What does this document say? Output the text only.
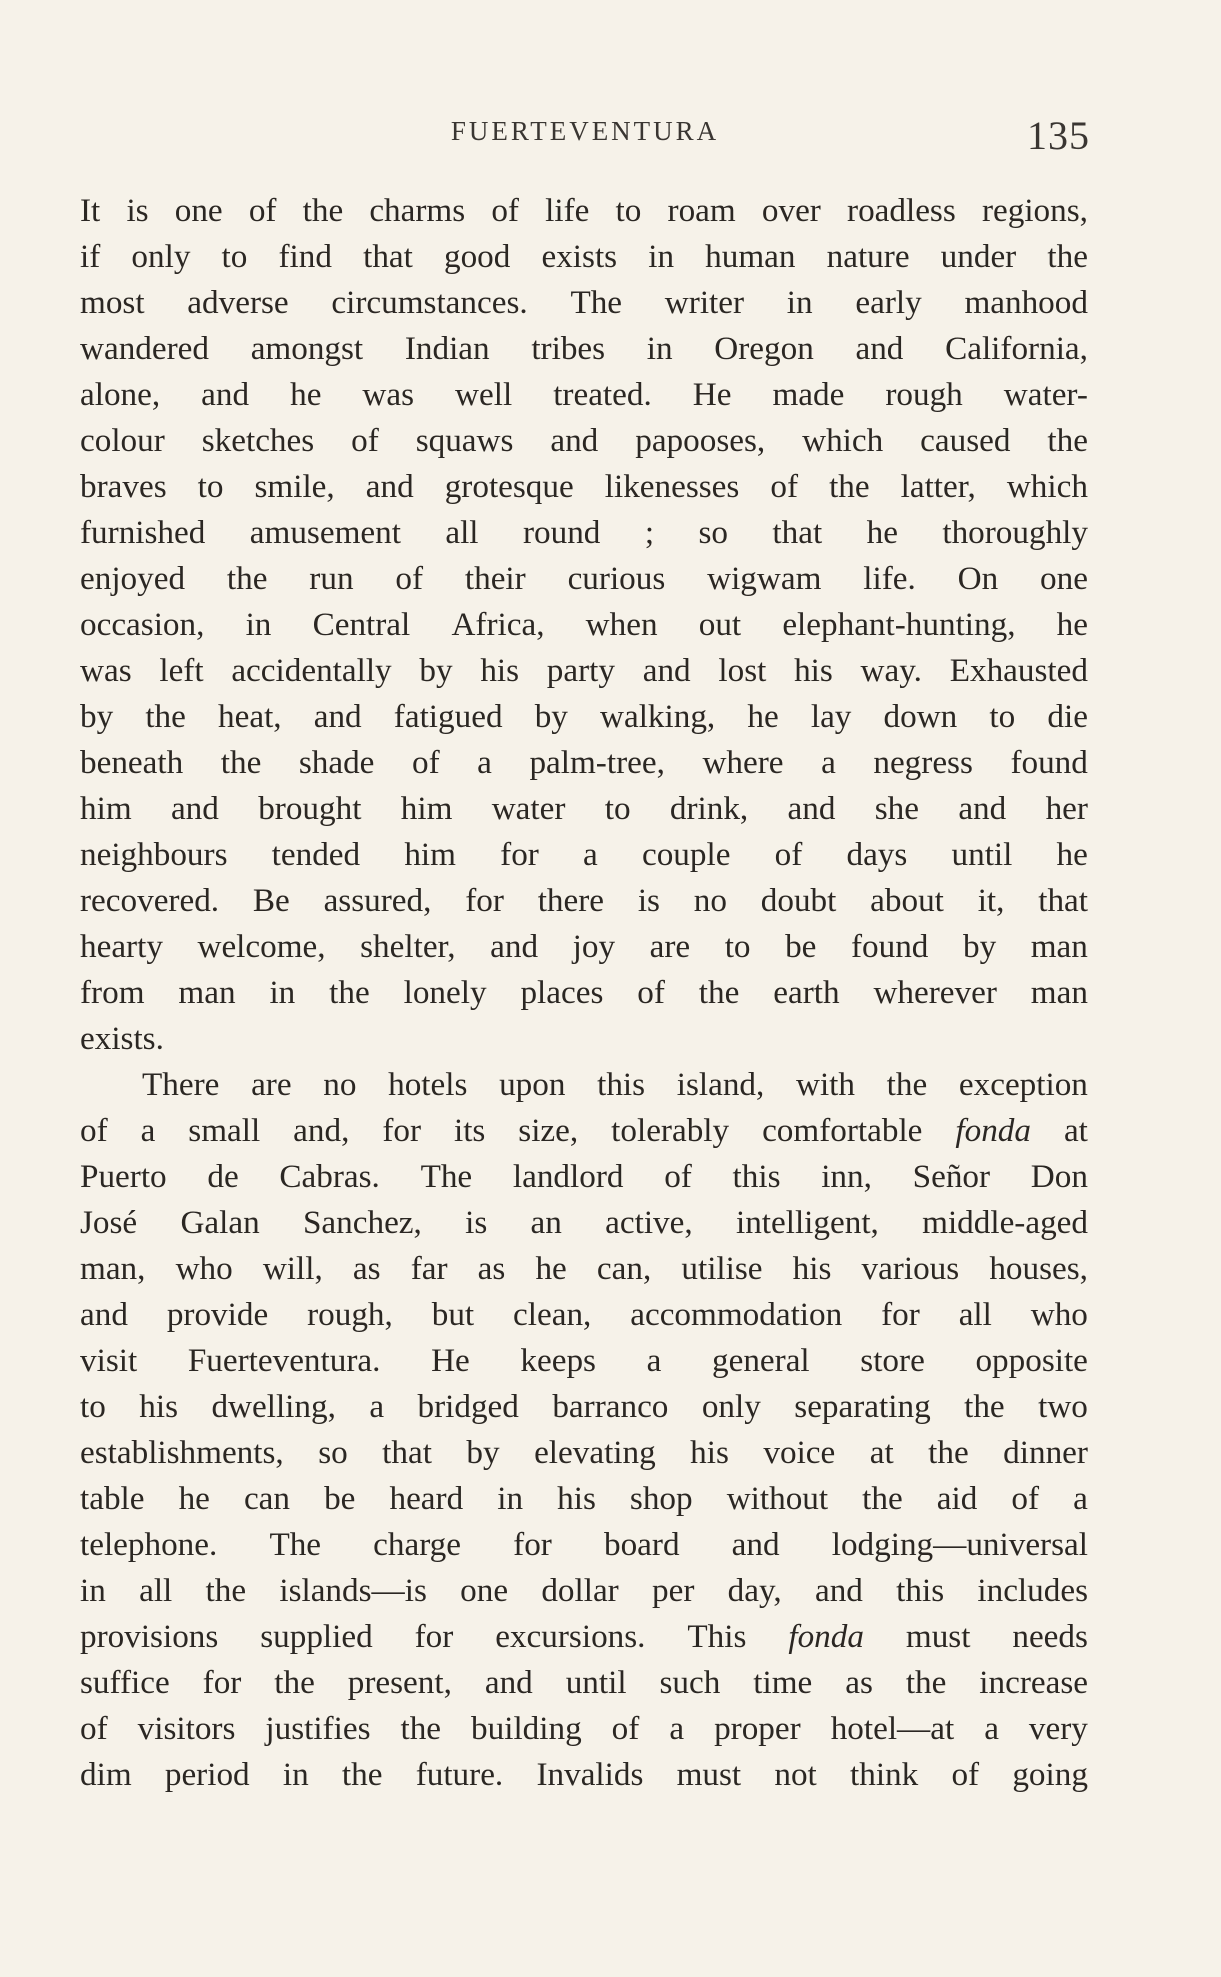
FUERTEVENTURA	135
It is one of the charms of life to roam over roadless regions,
if only to find that good exists in human nature under the
most adverse circumstances. The writer in early manhood
wandered amongst Indian tribes in Oregon and California,
alone, and he was well treated. He made rough water-
colour sketches of squaws and papooses, which caused the
braves to smile, and grotesque likenesses of the latter, which
furnished amusement all round ; so that he thoroughly
enjoyed the run of their curious wigwam life. On one
occasion, in Central Africa, when out elephant-hunting, he
was left accidentally by his party and lost his way. Exhausted
by the heat, and fatigued by walking, he lay down to die
beneath the shade of a palm-tree, where a negress found
him and brought him water to drink, and she and her
neighbours tended him for a couple of days until he
recovered. Be assured, for there is no doubt about it, that
hearty welcome, shelter, and joy are to be found by man
from man in the lonely places of the earth wherever man
exists.

There are no hotels upon this island, with the exception
of a small and, for its size, tolerably comfortable fonda at
Puerto de Cabras. The landlord of this inn, Señor Don
José Galan Sanchez, is an active, intelligent, middle-aged
man, who will, as far as he can, utilise his various houses,
and provide rough, but clean, accommodation for all who
visit Fuerteventura. He keeps a general store opposite
to his dwelling, a bridged barranco only separating the two
establishments, so that by elevating his voice at the dinner
table he can be heard in his shop without the aid of a
telephone. The charge for board and lodging—universal
in all the islands—is one dollar per day, and this includes
provisions supplied for excursions. This fonda must needs
suffice for the present, and until such time as the increase
of visitors justifies the building of a proper hotel—at a very
dim period in the future. Invalids must not think of going
